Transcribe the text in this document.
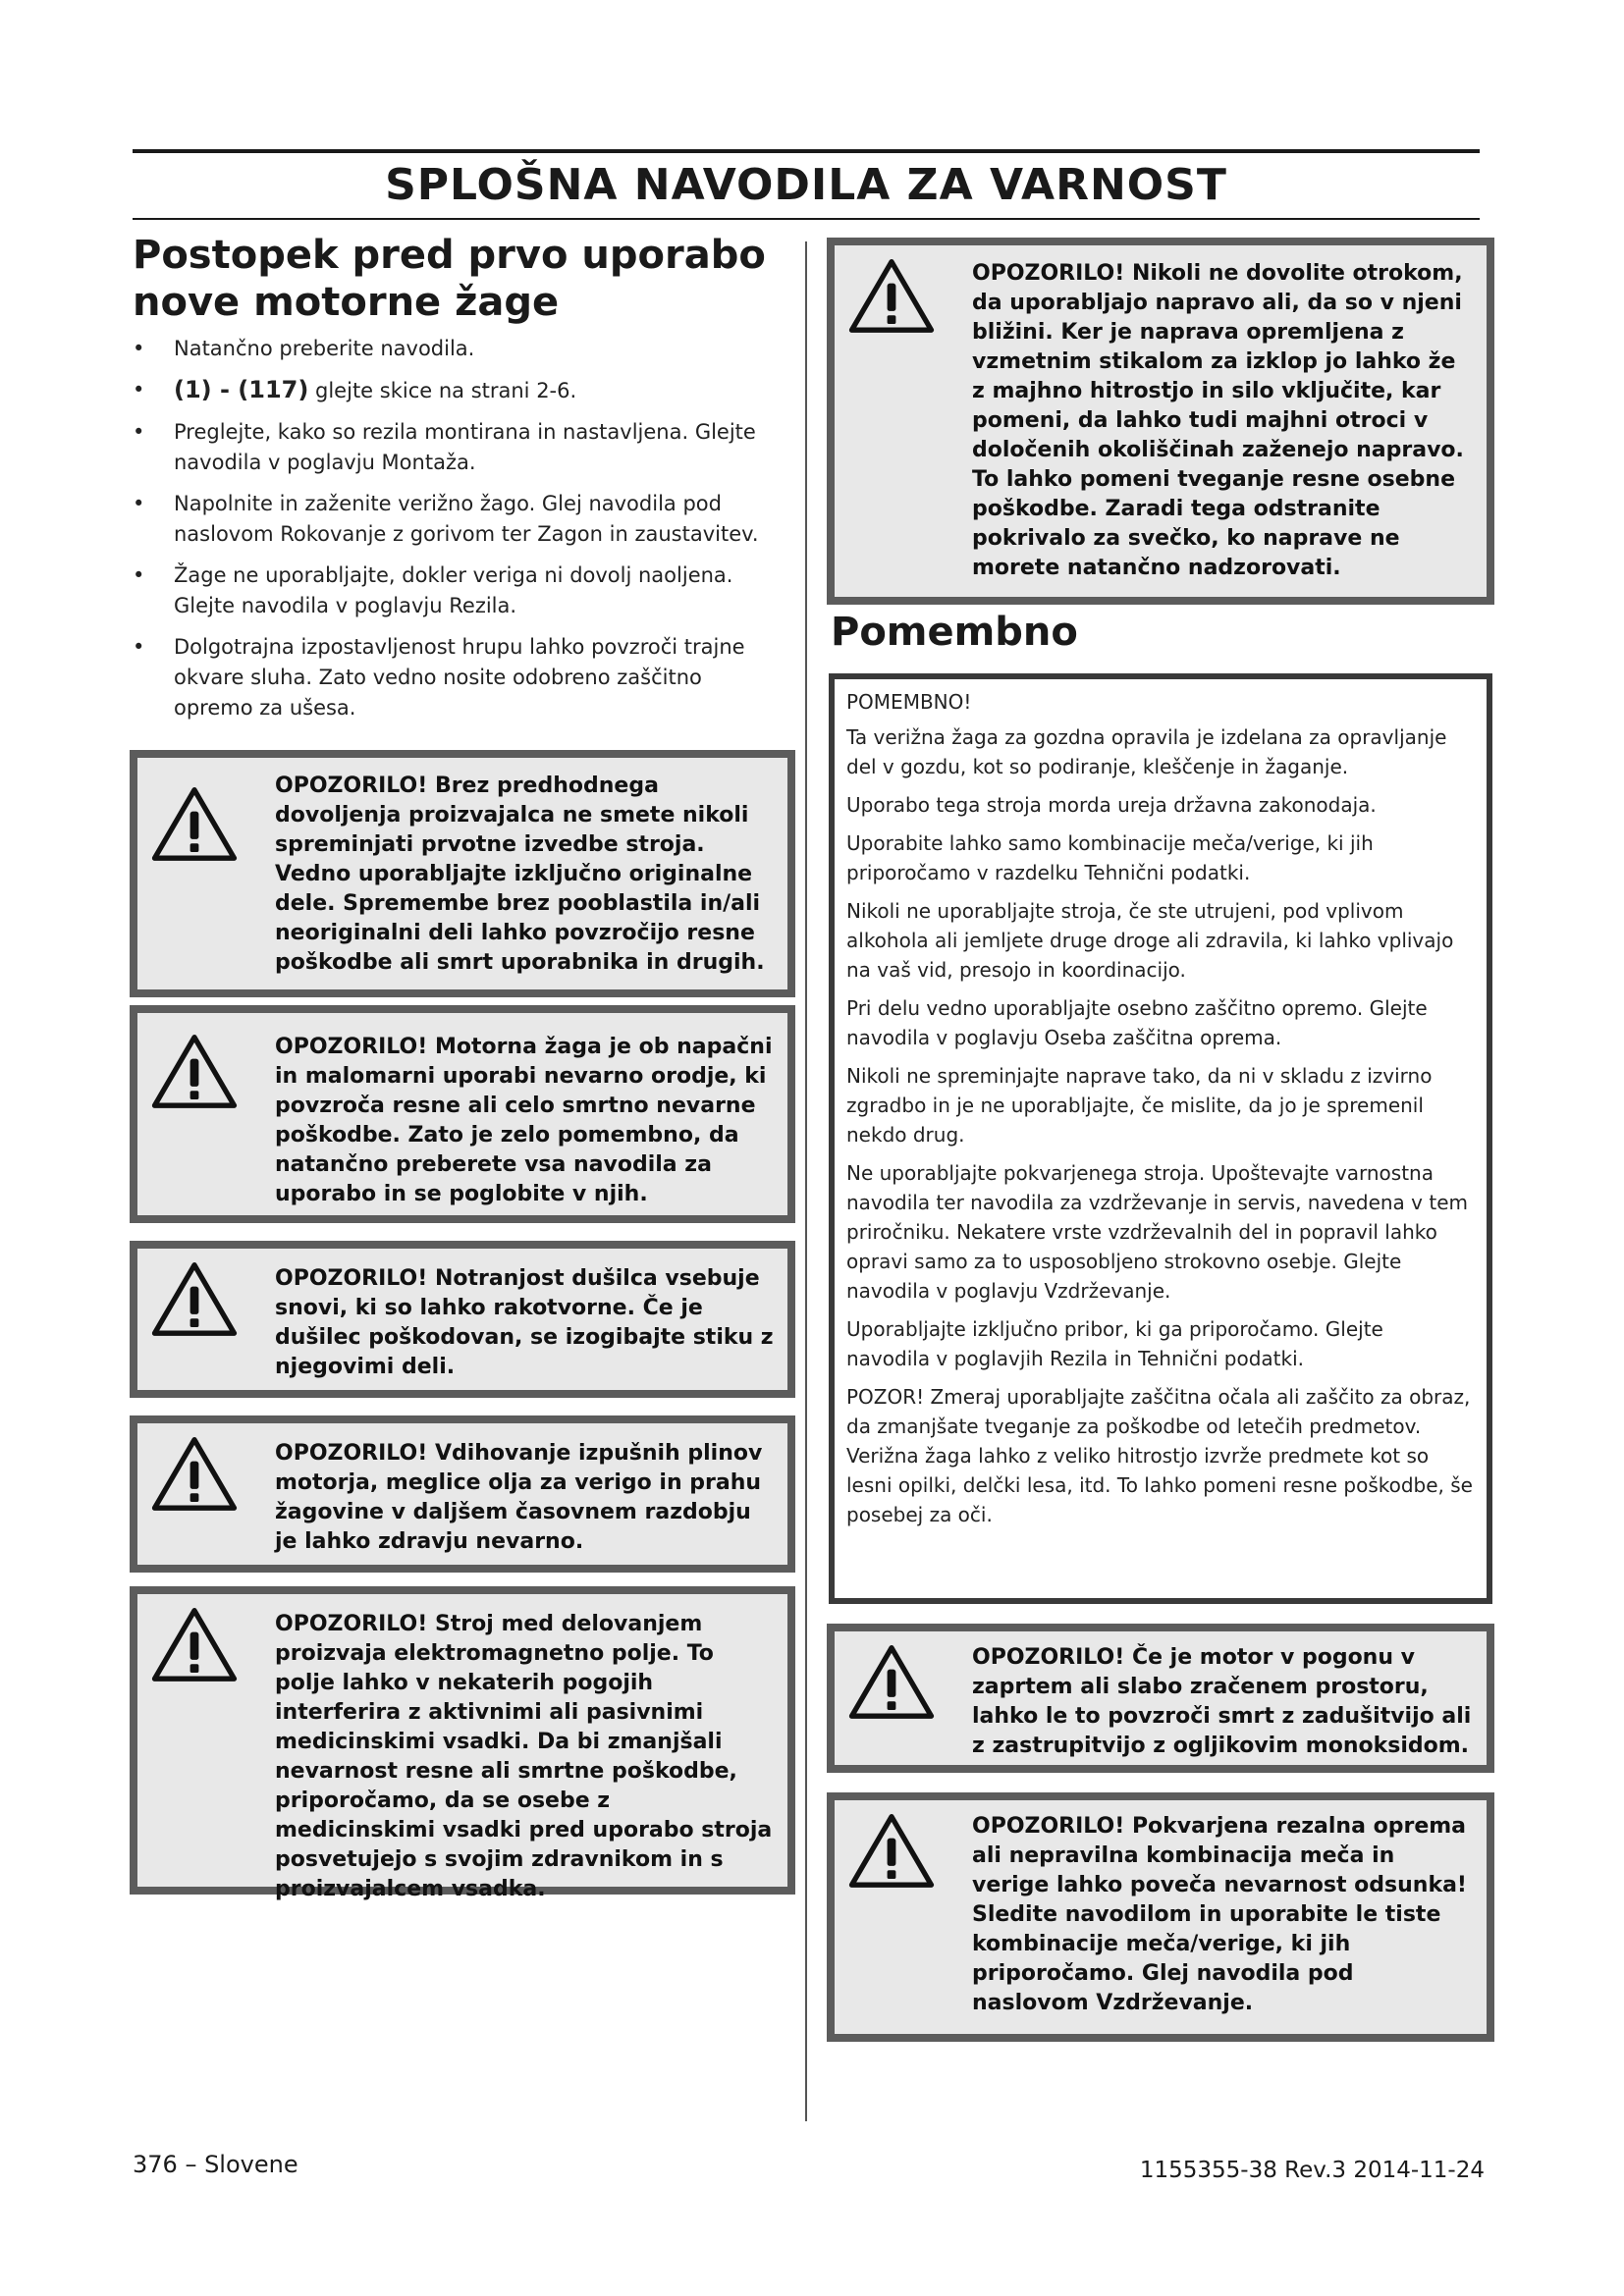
SPLOŠNA NAVODILA ZA VARNOST
Postopek pred prvo uporabo nove motorne žage
• Natančno preberite navodila.
• (1) - (117) glejte skice na strani 2-6.
• Preglejte, kako so rezila montirana in nastavljena. Glejte navodila v poglavju Montaža.
• Napolnite in zaženite verižno žago. Glej navodila pod naslovom Rokovanje z gorivom ter Zagon in zaustavitev.
• Žage ne uporabljajte, dokler veriga ni dovolj naoljena. Glejte navodila v poglavju Rezila.
• Dolgotrajna izpostavljenost hrupu lahko povzroči trajne okvare sluha. Zato vedno nosite odobreno zaščitno opremo za ušesa.

OPOZORILO! Brez predhodnega dovoljenja proizvajalca ne smete nikoli spreminjati prvotne izvedbe stroja. Vedno uporabljajte izključno originalne dele. Spremembe brez pooblastila in/ali neoriginalni deli lahko povzročijo resne poškodbe ali smrt uporabnika in drugih.

OPOZORILO! Motorna žaga je ob napačni in malomarni uporabi nevarno orodje, ki povzroča resne ali celo smrtno nevarne poškodbe. Zato je zelo pomembno, da natančno preberete vsa navodila za uporabo in se poglobite v njih.

OPOZORILO! Notranjost dušilca vsebuje snovi, ki so lahko rakotvorne. Če je dušilec poškodovan, se izogibajte stiku z njegovimi deli.

OPOZORILO! Vdihovanje izpušnih plinov motorja, meglice olja za verigo in prahu žagovine v daljšem časovnem razdobju je lahko zdravju nevarno.

OPOZORILO! Stroj med delovanjem proizvaja elektromagnetno polje. To polje lahko v nekaterih pogojih interferira z aktivnimi ali pasivnimi medicinskimi vsadki. Da bi zmanjšali nevarnost resne ali smrtne poškodbe, priporočamo, da se osebe z medicinskimi vsadki pred uporabo stroja posvetujejo s svojim zdravnikom in s proizvajalcem vsadka.

OPOZORILO! Nikoli ne dovolite otrokom, da uporabljajo napravo ali, da so v njeni bližini. Ker je naprava opremljena z vzmetnim stikalom za izklop jo lahko že z majhno hitrostjo in silo vključite, kar pomeni, da lahko tudi majhni otroci v določenih okoliščinah zaženejo napravo. To lahko pomeni tveganje resne osebne poškodbe. Zaradi tega odstranite pokrivalo za svečko, ko naprave ne morete natančno nadzorovati.

Pomembno

POMEMBNO!

Ta verižna žaga za gozdna opravila je izdelana za opravljanje del v gozdu, kot so podiranje, kleščenje in žaganje.

Uporabo tega stroja morda ureja državna zakonodaja.

Uporabite lahko samo kombinacije meča/verige, ki jih priporočamo v razdelku Tehnični podatki.

Nikoli ne uporabljajte stroja, če ste utrujeni, pod vplivom alkohola ali jemljete druge droge ali zdravila, ki lahko vplivajo na vaš vid, presojo in koordinacijo.

Pri delu vedno uporabljajte osebno zaščitno opremo. Glejte navodila v poglavju Oseba zaščitna oprema.

Nikoli ne spreminjajte naprave tako, da ni v skladu z izvirno zgradbo in je ne uporabljajte, če mislite, da jo je spremenil nekdo drug.

Ne uporabljajte pokvarjenega stroja. Upoštevajte varnostna navodila ter navodila za vzdrževanje in servis, navedena v tem priročniku. Nekatere vrste vzdrževalnih del in popravil lahko opravi samo za to usposobljeno strokovno osebje. Glejte navodila v poglavju Vzdrževanje.

Uporabljajte izključno pribor, ki ga priporočamo. Glejte navodila v poglavjih Rezila in Tehnični podatki.

POZOR! Zmeraj uporabljajte zaščitna očala ali zaščito za obraz, da zmanjšate tveganje za poškodbe od letečih predmetov. Verižna žaga lahko z veliko hitrostjo izvrže predmete kot so lesni opilki, delčki lesa, itd. To lahko pomeni resne poškodbe, še posebej za oči.

OPOZORILO! Če je motor v pogonu v zaprtem ali slabo zračenem prostoru, lahko le to povzroči smrt z zadušitvijo ali z zastrupitvijo z ogljikovim monoksidom.

OPOZORILO! Pokvarjena rezalna oprema ali nepravilna kombinacija meča in verige lahko poveča nevarnost odsunka! Sledite navodilom in uporabite le tiste kombinacije meča/verige, ki jih priporočamo. Glej navodila pod naslovom Vzdrževanje.

376 – Slovene	1155355-38 Rev.3 2014-11-24
